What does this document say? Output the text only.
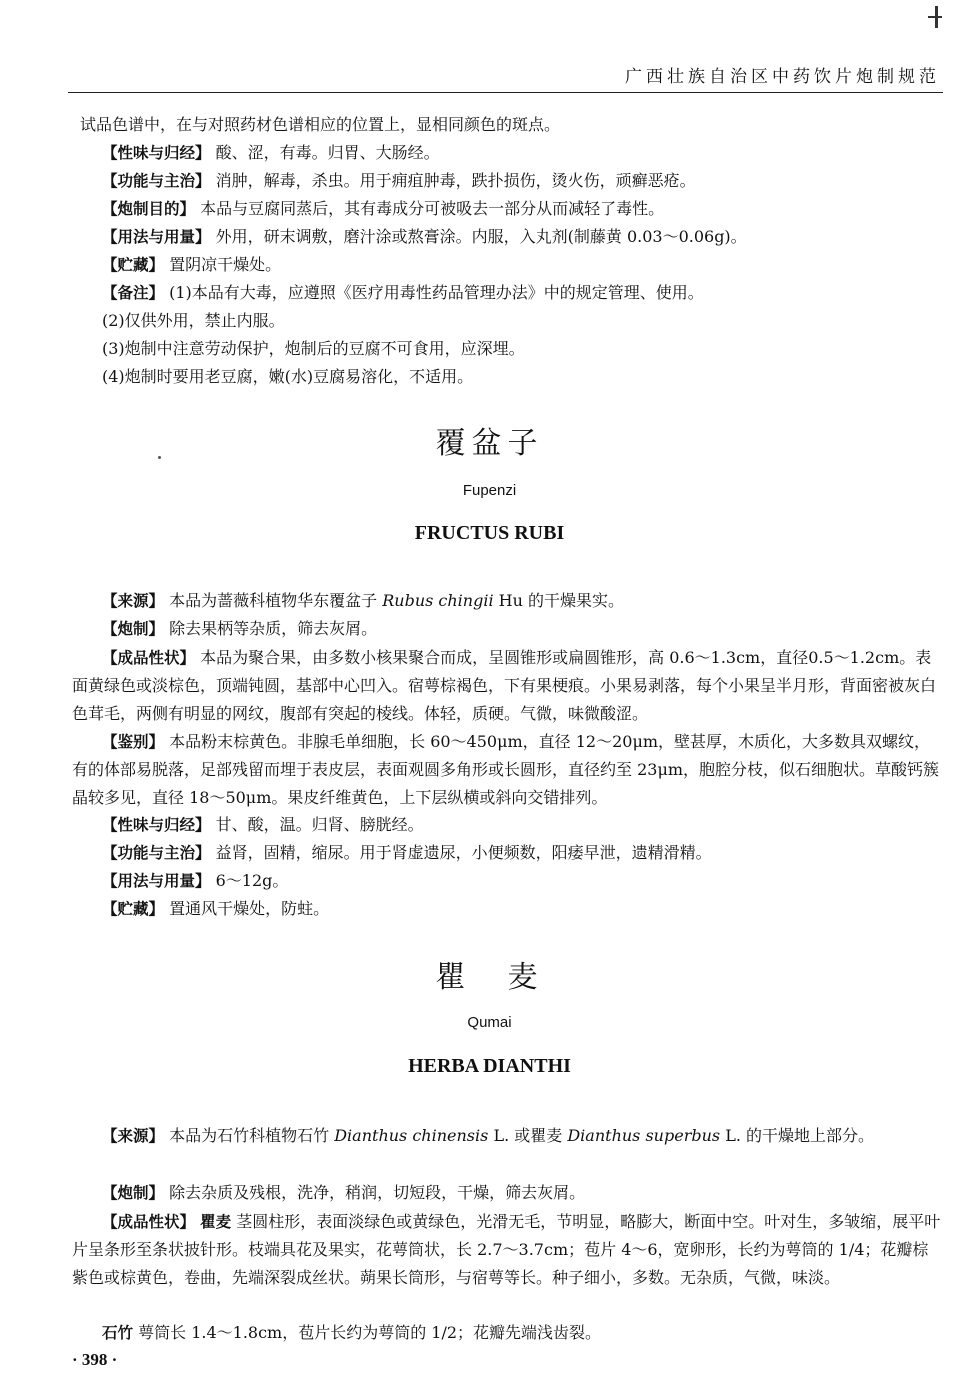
广西壮族自治区中药饮片炮制规范
试品色谱中，在与对照药材色谱相应的位置上，显相同颜色的斑点。
【性味与归经】 酸、涩，有毒。归胃、大肠经。
【功能与主治】 消肿，解毒，杀虫。用于痈疽肿毒，跌扑损伤，烫火伤，顽癣恶疮。
【炮制目的】 本品与豆腐同蒸后，其有毒成分可被吸去一部分从而减轻了毒性。
【用法与用量】 外用，研末调敷，磨汁涂或熬膏涂。内服，入丸剂(制藤黄 0.03～0.06g)。
【贮藏】 置阴凉干燥处。
【备注】 (1)本品有大毒，应遵照《医疗用毒性药品管理办法》中的规定管理、使用。
(2)仅供外用，禁止内服。
(3)炮制中注意劳动保护，炮制后的豆腐不可食用，应深埋。
(4)炮制时要用老豆腐，嫩(水)豆腐易溶化，不适用。
覆盆子
Fupenzi
FRUCTUS RUBI
【来源】 本品为蔷薇科植物华东覆盆子 Rubus chingii Hu 的干燥果实。
【炮制】 除去果柄等杂质，筛去灰屑。
【成品性状】 本品为聚合果，由多数小核果聚合而成，呈圆锥形或扁圆锥形，高 0.6～1.3cm，直径0.5～1.2cm。表面黄绿色或淡棕色，顶端钝圆，基部中心凹入。宿萼棕褐色，下有果梗痕。小果易剥落，每个小果呈半月形，背面密被灰白色茸毛，两侧有明显的网纹，腹部有突起的棱线。体轻，质硬。气微，味微酸涩。
【鉴别】 本品粉末棕黄色。非腺毛单细胞，长 60～450μm，直径 12～20μm，壁甚厚，木质化，大多数具双螺纹，有的体部易脱落，足部残留而埋于表皮层，表面观圆多角形或长圆形，直径约至 23μm，胞腔分枝，似石细胞状。草酸钙簇晶较多见，直径 18～50μm。果皮纤维黄色，上下层纵横或斜向交错排列。
【性味与归经】 甘、酸，温。归肾、膀胱经。
【功能与主治】 益肾，固精，缩尿。用于肾虚遗尿，小便频数，阳痿早泄，遗精滑精。
【用法与用量】 6～12g。
【贮藏】 置通风干燥处，防蛀。
瞿　麦
Qumai
HERBA DIANTHI
【来源】 本品为石竹科植物石竹 Dianthus chinensis L. 或瞿麦 Dianthus superbus L. 的干燥地上部分。
【炮制】 除去杂质及残根，洗净，稍润，切短段，干燥，筛去灰屑。
【成品性状】 瞿麦 茎圆柱形，表面淡绿色或黄绿色，光滑无毛，节明显，略膨大，断面中空。叶对生，多皱缩，展平叶片呈条形至条状披针形。枝端具花及果实，花萼筒状，长 2.7～3.7cm；苞片 4～6，宽卵形，长约为萼筒的 1/4；花瓣棕紫色或棕黄色，卷曲，先端深裂成丝状。蒴果长筒形，与宿萼等长。种子细小，多数。无杂质，气微，味淡。
石竹 萼筒长 1.4～1.8cm，苞片长约为萼筒的 1/2；花瓣先端浅齿裂。
· 398 ·
